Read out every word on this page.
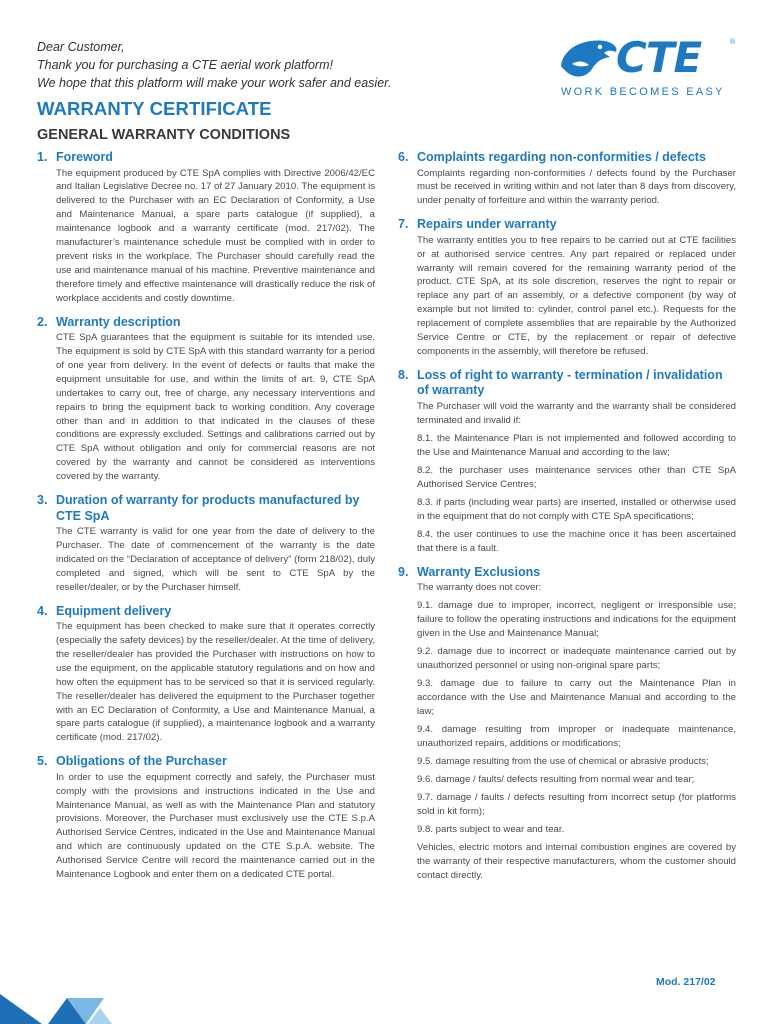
Dear Customer,
Thank you for purchasing a CTE aerial work platform!
We hope that this platform will make your work safer and easier.
CTE	®
WORK BECOMES EASY
WARRANTY CERTIFICATE
GENERAL WARRANTY CONDITIONS
1. Foreword

The equipment produced by CTE SpA complies with Directive 2006/42/EC and Italian Legislative Decree no. 17 of 27 January 2010. The equipment is delivered to the Purchaser with an EC Declaration of Conformity, a Use and Maintenance Manual, a spare parts catalogue (if supplied), a maintenance logbook and a warranty certificate (mod. 217/02). The manufacturer’s maintenance schedule must be complied with in order to prevent risks in the workplace. The Purchaser should carefully read the use and maintenance manual of his machine. Preventive maintenance and therefore timely and effective maintenance will drastically reduce the risk of workplace accidents and costly downtime.

2. Warranty description

CTE SpA guarantees that the equipment is suitable for its intended use. The equipment is sold by CTE SpA with this standard warranty for a period of one year from delivery. In the event of defects or faults that make the equipment unsuitable for use, and within the limits of art. 9, CTE SpA undertakes to carry out, free of charge, any necessary interventions and repairs to bring the equipment back to working condition. Any coverage other than and in addition to that indicated in the clauses of these conditions are expressly excluded. Settings and calibrations carried out by CTE SpA without obligation and only for commercial reasons are not covered by the warranty and cannot be considered as interventions covered by the warranty.

3. Duration of warranty for products manufactured by CTE SpA

The CTE warranty is valid for one year from the date of delivery to the Purchaser. The date of commencement of the warranty is the date indicated on the “Declaration of acceptance of delivery” (form 218/02), duly completed and signed, which will be sent to CTE SpA by the reseller/dealer, or by the Purchaser himself.

4. Equipment delivery

The equipment has been checked to make sure that it operates correctly (especially the safety devices) by the reseller/dealer. At the time of delivery, the reseller/dealer has provided the Purchaser with instructions on how to use the equipment, on the applicable statutory regulations and on how and how often the equipment has to be serviced so that it is serviced regularly. The reseller/dealer has delivered the equipment to the Purchaser together with an EC Declaration of Conformity, a Use and Maintenance Manual, a spare parts catalogue (if supplied), a maintenance logbook and a warranty certificate (mod. 217/02).

5. Obligations of the Purchaser

In order to use the equipment correctly and safely, the Purchaser must comply with the provisions and instructions indicated in the Use and Maintenance Manual, as well as with the Maintenance Plan and statutory provisions. Moreover, the Purchaser must exclusively use the CTE S.p.A Authorised Service Centres, indicated in the Use and Maintenance Manual and which are continuously updated on the CTE S.p.A. website. The Authorised Service Centre will record the maintenance carried out in the Maintenance Logbook and enter them on a dedicated CTE portal.

6. Complaints regarding non-conformities / defects

Complaints regarding non-conformities / defects found by the Purchaser must be received in writing within and not later than 8 days from discovery, under penalty of forfeiture and within the warranty period.

7. Repairs under warranty

The warranty entitles you to free repairs to be carried out at CTE facilities or at authorised service centres. Any part repaired or replaced under warranty will remain covered for the remaining warranty period of the product. CTE SpA, at its sole discretion, reserves the right to repair or replace any part of an assembly, or a defective component (by way of example but not limited to: cylinder, control panel etc.). Requests for the replacement of complete assemblies that are repairable by the Authorized Service Centre or CTE, by the replacement or repair of defective components in the assembly, will therefore be refused.

8. Loss of right to warranty - termination / invalidation of warranty

The Purchaser will void the warranty and the warranty shall be considered terminated and invalid if:

8.1. the Maintenance Plan is not implemented and followed according to the Use and Maintenance Manual and according to the law;

8.2. the purchaser uses maintenance services other than CTE SpA Authorised Service Centres;

8.3. if parts (including wear parts) are inserted, installed or otherwise used in the equipment that do not comply with CTE SpA specifications;

8.4. the user continues to use the machine once it has been ascertained that there is a fault.

9. Warranty Exclusions

The warranty does not cover:

9.1. damage due to improper, incorrect, negligent or irresponsible use; failure to follow the operating instructions and indications for the equipment given in the Use and Maintenance Manual;

9.2. damage due to incorrect or inadequate maintenance carried out by unauthorized personnel or using non-original spare parts;

9.3. damage due to failure to carry out the Maintenance Plan in accordance with the Use and Maintenance Manual and according to the law;

9.4. damage resulting from improper or inadequate maintenance, unauthorized repairs, additions or modifications;

9.5. damage resulting from the use of chemical or abrasive products;

9.6. damage / faults/ defects resulting from normal wear and tear;

9.7. damage / faults / defects resulting from incorrect setup (for platforms sold in kit form);

9.8. parts subject to wear and tear.

Vehicles, electric motors and internal combustion engines are covered by the warranty of their respective manufacturers, whom the customer should contact directly.

Mod. 217/02
